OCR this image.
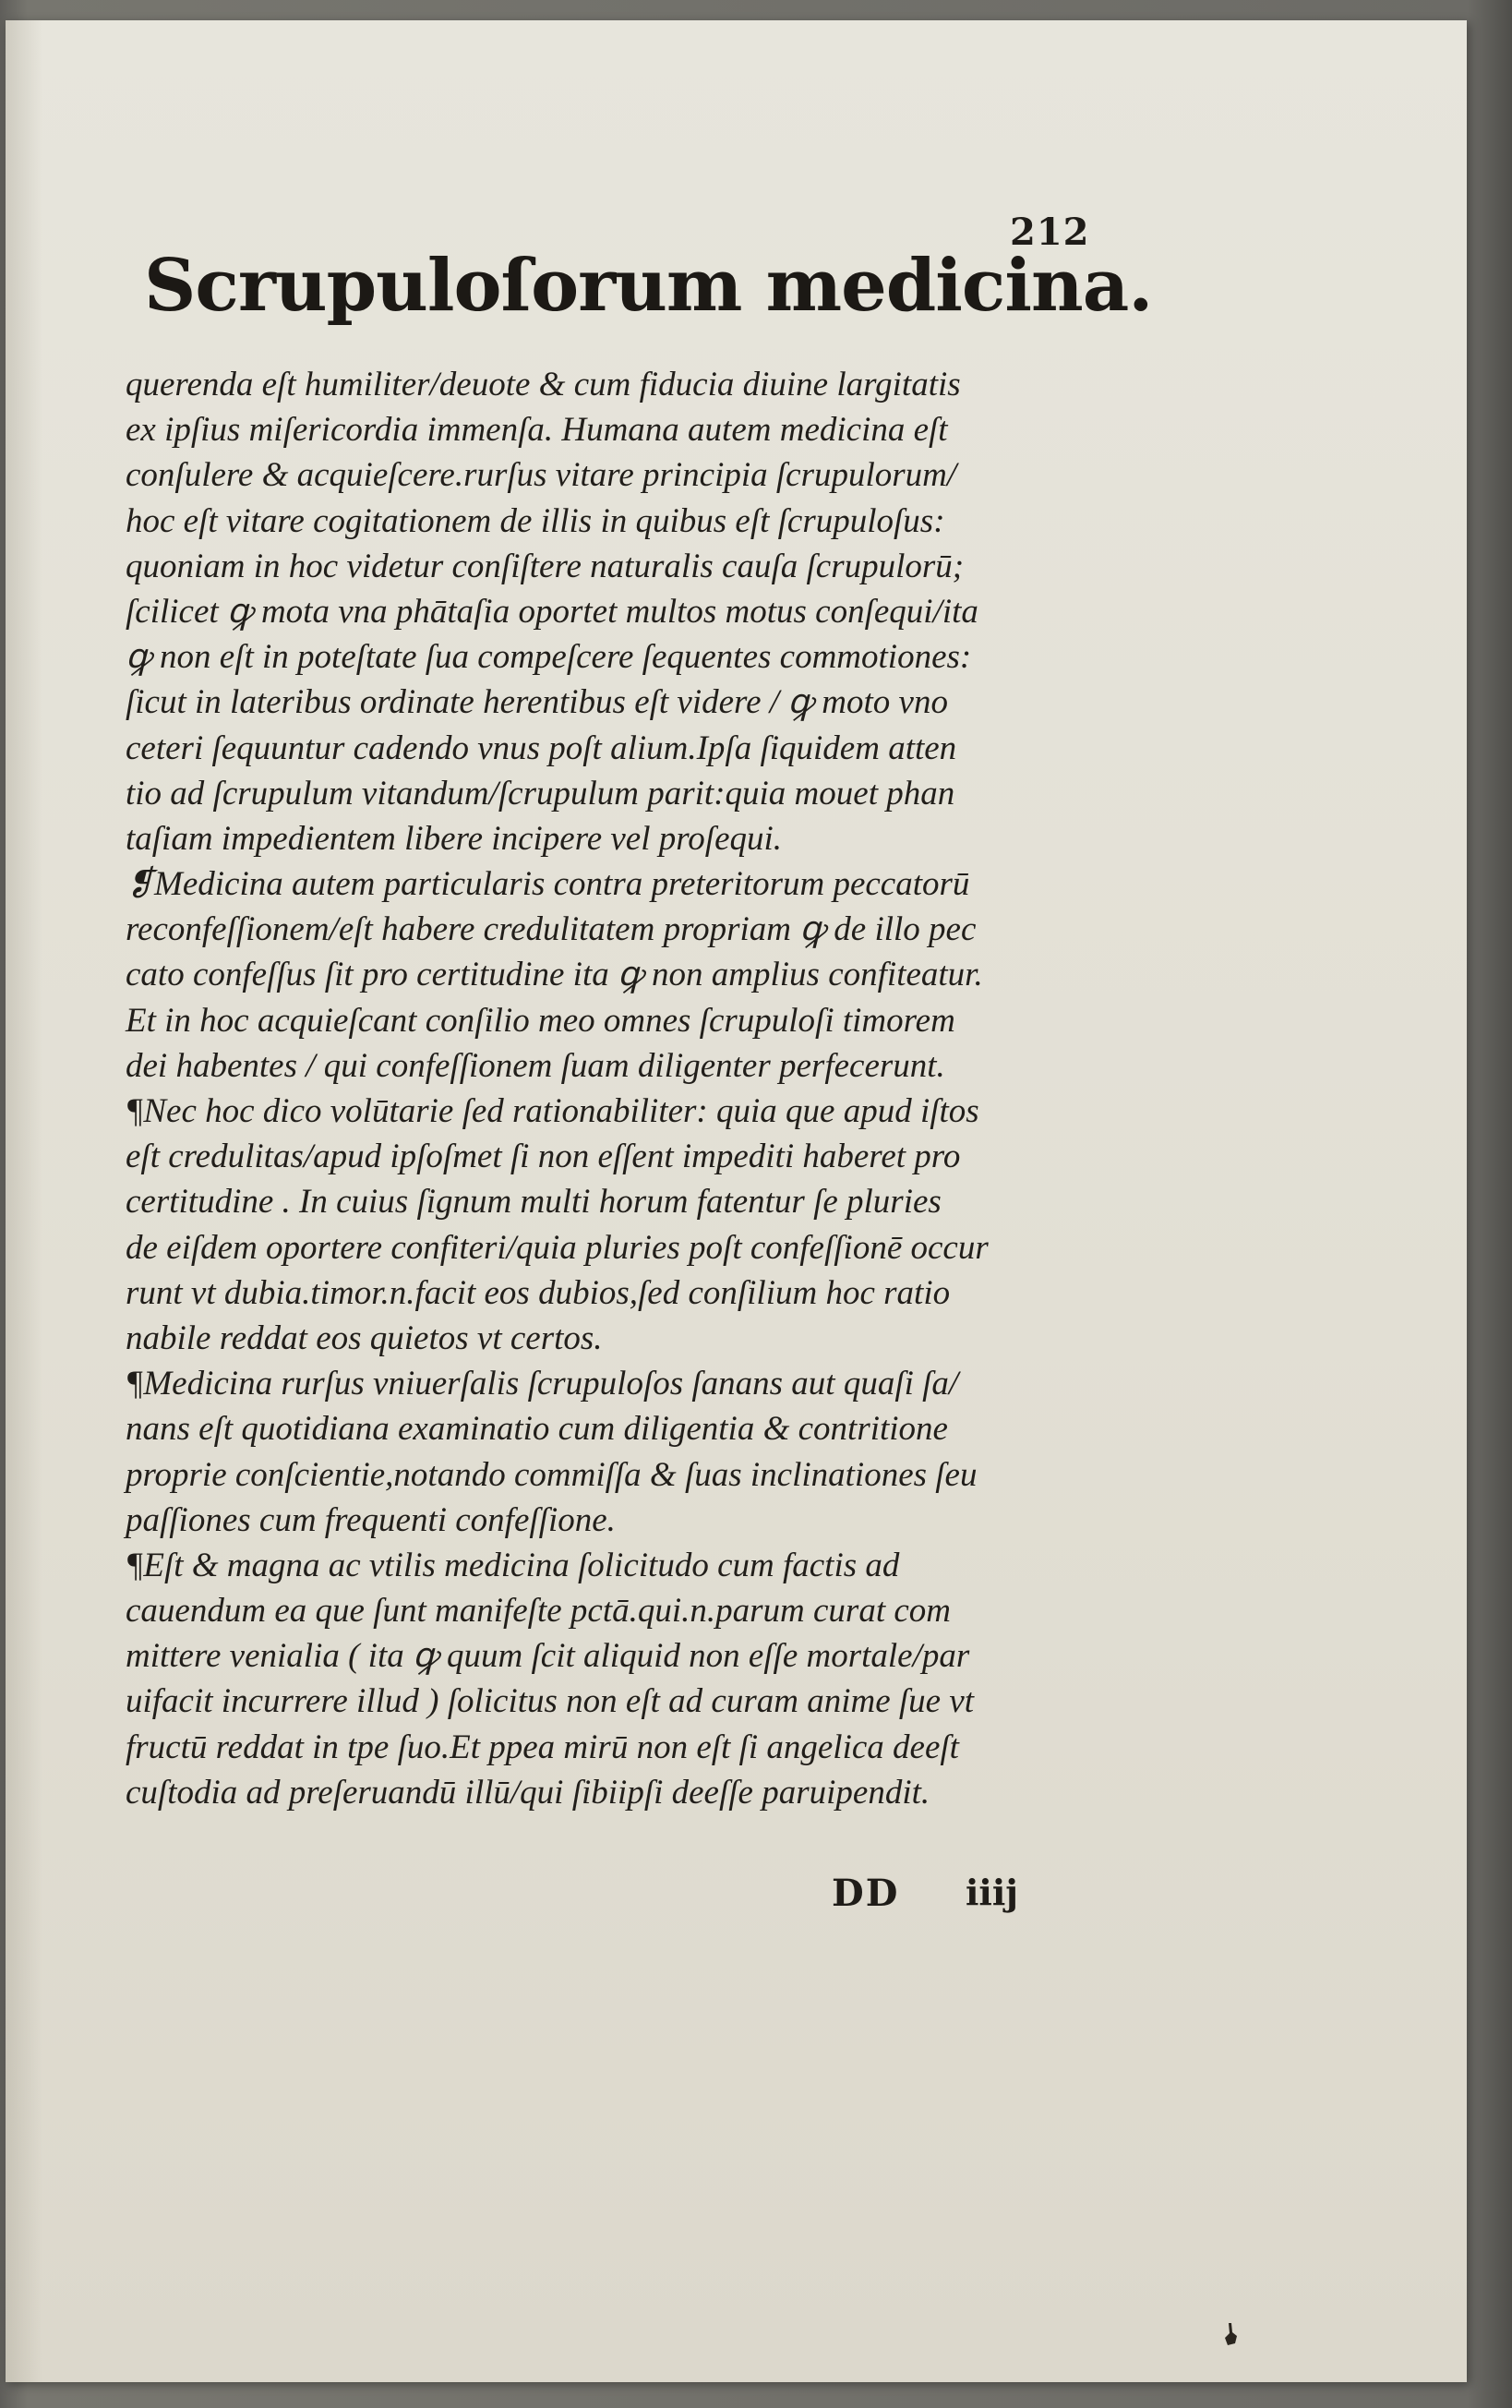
212
Scrupuloſorum medicina.
querenda eſt humiliter/deuote & cum fiducia diuine largitatis
ex ipſius miſericordia immenſa. Humana autem medicina eſt
conſulere & acquieſcere.rurſus vitare principia ſcrupulorum/
hoc eſt vitare cogitationem de illis in quibus eſt ſcrupuloſus:
quoniam in hoc videtur conſiſtere naturalis cauſa ſcrupulorū;
ſcilicet ꝙ mota vna phātaſia oportet multos motus conſequi/ita
ꝙ non eſt in poteſtate ſua compeſcere ſequentes commotiones:
ſicut in lateribus ordinate herentibus eſt videre / ꝙ moto vno
ceteri ſequuntur cadendo vnus poſt alium.Ipſa ſiquidem atten
tio ad ſcrupulum vitandum/ſcrupulum parit:quia mouet phan
taſiam impedientem libere incipere vel proſequi.
❡Medicina autem particularis contra preteritorum peccatorū
reconfeſſionem/eſt habere credulitatem propriam ꝙ de illo pec
cato confeſſus ſit pro certitudine ita ꝙ non amplius confiteatur.
Et in hoc acquieſcant conſilio meo omnes ſcrupuloſi timorem
dei habentes / qui confeſſionem ſuam diligenter perfecerunt.
¶Nec hoc dico volūtarie ſed rationabiliter: quia que apud iſtos
eſt credulitas/apud ipſoſmet ſi non eſſent impediti haberet pro
certitudine . In cuius ſignum multi horum fatentur ſe pluries
de eiſdem oportere confiteri/quia pluries poſt confeſſionē occur
runt vt dubia.timor.n.facit eos dubios,ſed conſilium hoc ratio
nabile reddat eos quietos vt certos.
¶Medicina rurſus vniuerſalis ſcrupuloſos ſanans aut quaſi ſa/
nans eſt quotidiana examinatio cum diligentia & contritione
proprie conſcientie,notando commiſſa & ſuas inclinationes ſeu
paſſiones cum frequenti confeſſione.
¶Eſt & magna ac vtilis medicina ſolicitudo cum factis ad
cauendum ea que ſunt manifeſte pctā.qui.n.parum curat com
mittere venialia ( ita ꝙ quum ſcit aliquid non eſſe mortale/par
uifacit incurrere illud ) ſolicitus non eſt ad curam anime ſue vt
fructū reddat in tpe ſuo.Et ppea mirū non eſt ſi angelica deeſt
cuſtodia ad preſeruandū illū/qui ſibiipſi deeſſe paruipendit.
DD iiij
